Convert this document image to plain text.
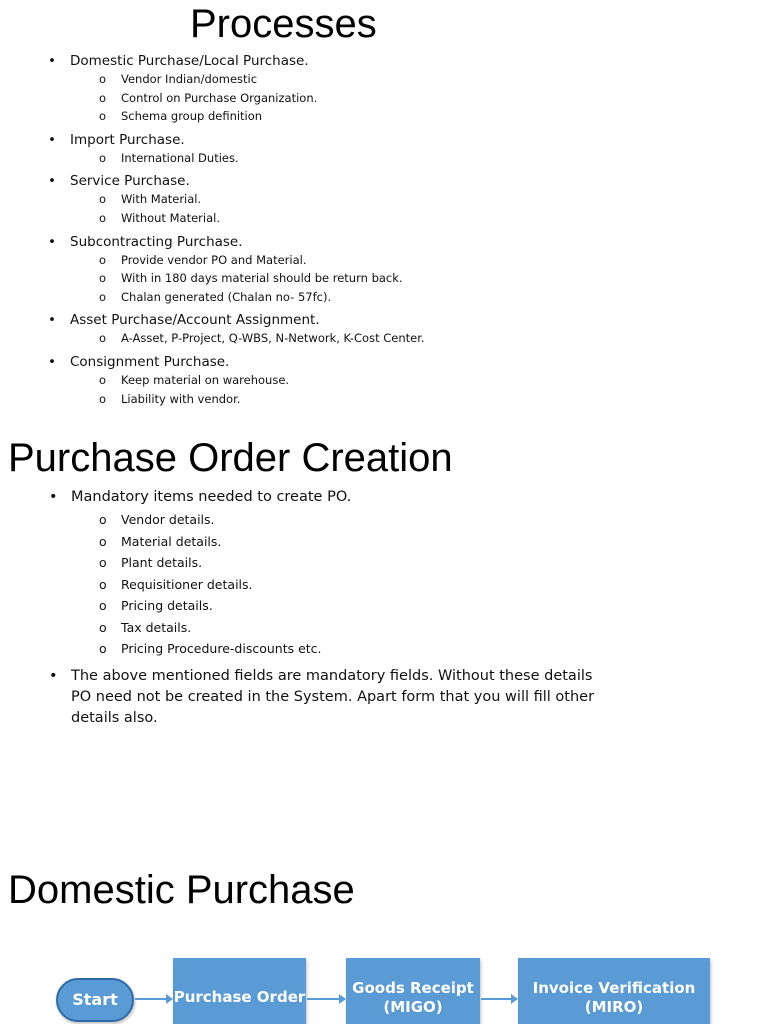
Processes
• Domestic Purchase/Local Purchase.
o Vendor Indian/domestic
o Control on Purchase Organization.
o Schema group definition
• Import Purchase.
o International Duties.
• Service Purchase.
o With Material.
o Without Material.
• Subcontracting Purchase.
o Provide vendor PO and Material.
o With in 180 days material should be return back.
o Chalan generated (Chalan no- 57fc).
• Asset Purchase/Account Assignment.
o A-Asset, P-Project, Q-WBS, N-Network, K-Cost Center.
• Consignment Purchase.
o Keep material on warehouse.
o Liability with vendor.
Purchase Order Creation
• Mandatory items needed to create PO.
o Vendor details.
o Material details.
o Plant details.
o Requisitioner details.
o Pricing details.
o Tax details.
o Pricing Procedure-discounts etc.
• The above mentioned fields are mandatory fields. Without these details PO need not be created in the System. Apart form that you will fill other details also.
Domestic Purchase
Start	Purchase Order
Goods Receipt
(MIGO)
Invoice Verification
(MIRO)
